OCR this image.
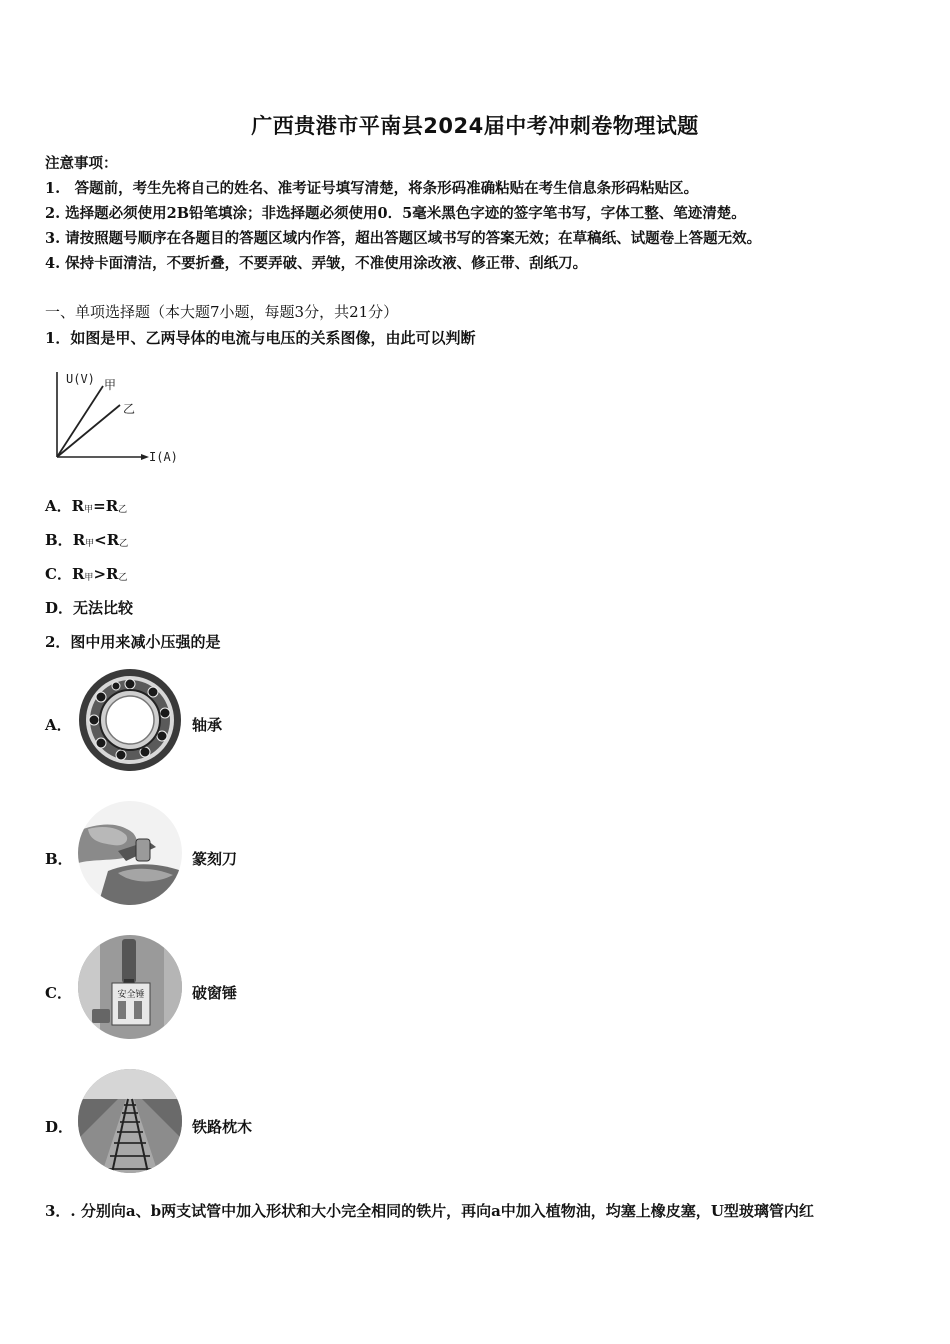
广西贵港市平南县2024届中考冲刺卷物理试题
注意事项：
1.　答题前，考生先将自己的姓名、准考证号填写清楚，将条形码准确粘贴在考生信息条形码粘贴区。
2. 选择题必须使用2B铅笔填涂；非选择题必须使用0．5毫米黑色字迹的签字笔书写，字体工整、笔迹清楚。
3. 请按照题号顺序在各题目的答题区域内作答，超出答题区域书写的答案无效；在草稿纸、试题卷上答题无效。
4. 保持卡面清洁，不要折叠，不要弄破、弄皱，不准使用涂改液、修正带、刮纸刀。
一、单项选择题（本大题7小题，每题3分，共21分）
1．如图是甲、乙两导体的电流与电压的关系图像，由此可以判断
U(V) 甲
乙
I(A)
A．$R_甲=R_乙$
B．$R_甲<R_乙$
C．$R_甲>R_乙$
D．无法比较
2．图中用来减小压强的是
A．	轴承
B．	篆刻刀
C．	安全锤	破窗锤
D．	铁路枕木
3．. 分别向a、b两支试管中加入形状和大小完全相同的铁片，再向a中加入植物油，均塞上橡皮塞，U型玻璃管内红
